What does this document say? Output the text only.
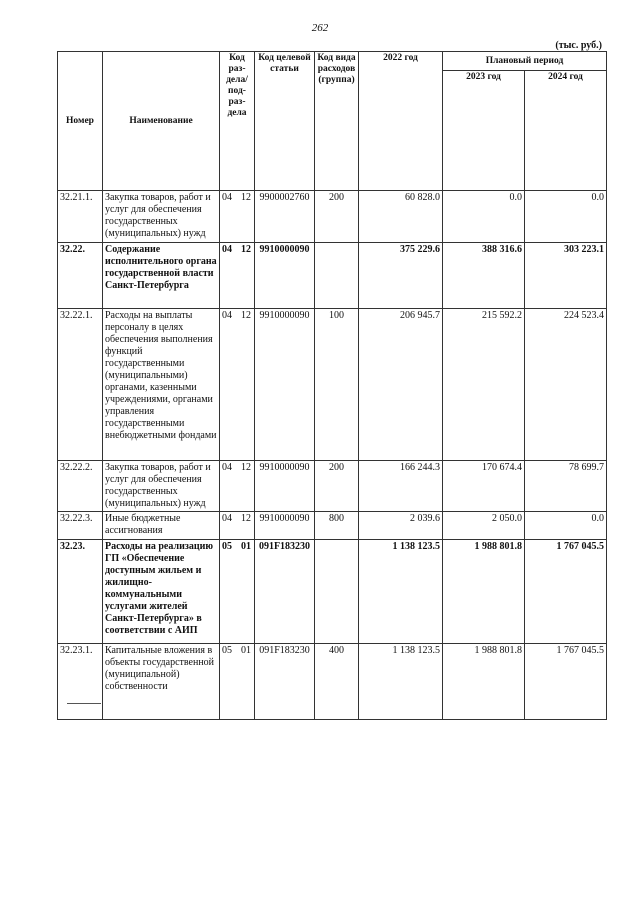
262
(тыс. руб.)
Номер	Наименование	Код раз-дела/ под-раз-дела	Код целевой статьи	Код вида расходов (группа)	2022 год	Плановый период	
						2023 год	2024 год
32.21.1.	Закупка товаров, работ и услуг для обеспечения государственных (муниципальных) нужд	04 12	9900002760	200	60 828.0	0.0	0.0
32.22.	Содержание исполнительного органа государственной власти Санкт-Петербурга	04 12	9910000090		375 229.6	388 316.6	303 223.1
32.22.1.	Расходы на выплаты персоналу в целях обеспечения выполнения функций государственными (муниципальными) органами, казенными учреждениями, органами управления государственными внебюджетными фондами	04 12	9910000090	100	206 945.7	215 592.2	224 523.4
32.22.2.	Закупка товаров, работ и услуг для обеспечения государственных (муниципальных) нужд	04 12	9910000090	200	166 244.3	170 674.4	78 699.7
32.22.3.	Иные бюджетные ассигнования	04 12	9910000090	800	2 039.6	2 050.0	0.0
32.23.	Расходы на реализацию ГП «Обеспечение доступным жильем и жилищно-коммунальными услугами жителей Санкт-Петербурга» в соответствии с АИП	05 01	091F183230		1 138 123.5	1 988 801.8	1 767 045.5
32.23.1.	Капитальные вложения в объекты государственной (муниципальной) собственности	05 01	091F183230	400	1 138 123.5	1 988 801.8	1 767 045.5
